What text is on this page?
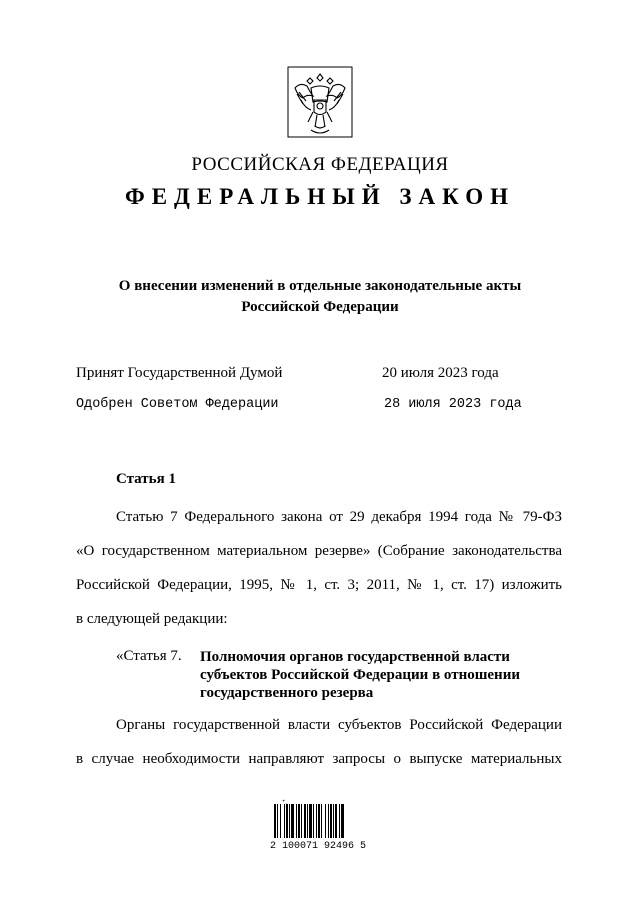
РОССИЙСКАЯ ФЕДЕРАЦИЯ
ФЕДЕРАЛЬНЫЙ ЗАКОН
О внесении изменений в отдельные законодательные акты
Российской Федерации
Принят Государственной Думой	20 июля 2023 года
Одобрен Советом Федерации	28 июля 2023 года
Статья 1
Статью 7 Федерального закона от 29 декабря 1994 года № 79-ФЗ
«О государственном материальном резерве» (Собрание законодательства
Российской Федерации, 1995, № 1, ст. 3; 2011, № 1, ст. 17) изложить
в следующей редакции:
«Статья 7. Полномочия органов государственной власти
субъектов Российской Федерации в отношении
государственного резерва
Органы государственной власти субъектов Российской Федерации
в случае необходимости направляют запросы о выпуске материальных
ᐩ₂
2 100071 92496 5
